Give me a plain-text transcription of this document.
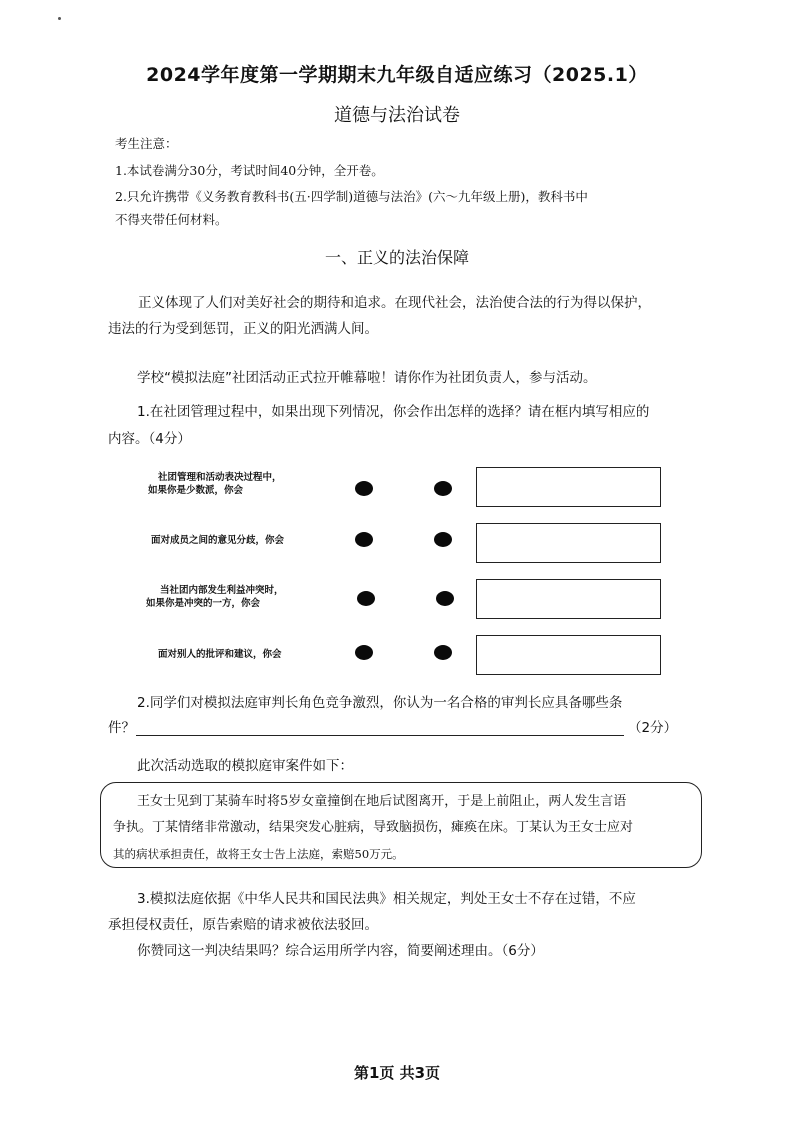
2024学年度第一学期期末九年级自适应练习（2025.1）
道德与法治试卷
考生注意：
1.本试卷满分30分，考试时间40分钟，全开卷。
2.只允许携带《义务教育教科书(五·四学制)道德与法治》(六～九年级上册)，教科书中
不得夹带任何材料。
一、正义的法治保障
正义体现了人们对美好社会的期待和追求。在现代社会，法治使合法的行为得以保护，
违法的行为受到惩罚，正义的阳光洒满人间。
学校“模拟法庭”社团活动正式拉开帷幕啦！请你作为社团负责人，参与活动。
1.在社团管理过程中，如果出现下列情况，你会作出怎样的选择？请在框内填写相应的
内容。（4分）
社团管理和活动表决过程中，
如果你是少数派，你会
面对成员之间的意见分歧，你会
当社团内部发生利益冲突时，
如果你是冲突的一方，你会
面对别人的批评和建议，你会
2.同学们对模拟法庭审判长角色竞争激烈，你认为一名合格的审判长应具备哪些条
件？	（2分）
此次活动选取的模拟庭审案件如下：
王女士见到丁某骑车时将5岁女童撞倒在地后试图离开，于是上前阻止，两人发生言语
争执。丁某情绪非常激动，结果突发心脏病，导致脑损伤，瘫痪在床。丁某认为王女士应对
其的病状承担责任，故将王女士告上法庭，索赔50万元。
3.模拟法庭依据《中华人民共和国民法典》相关规定，判处王女士不存在过错，不应
承担侵权责任，原告索赔的请求被依法驳回。
你赞同这一判决结果吗？综合运用所学内容，简要阐述理由。（6分）
第1页 共3页
